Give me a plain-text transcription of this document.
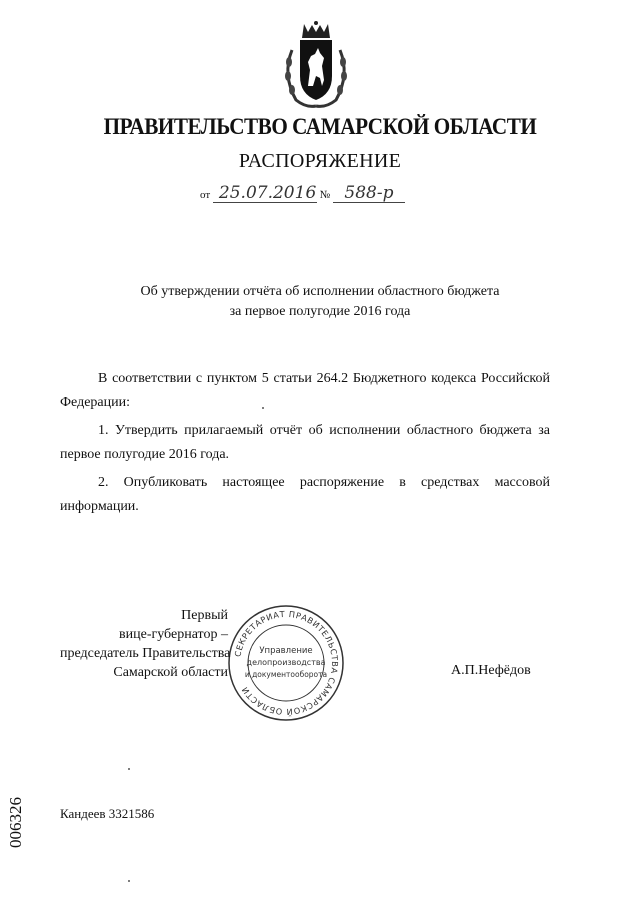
ПРАВИТЕЛЬСТВО САМАРСКОЙ ОБЛАСТИ
РАСПОРЯЖЕНИЕ
от 25.07.2016 № 588-р
Об утверждении отчёта об исполнении областного бюджета
за первое полугодие 2016 года

В соответствии с пунктом 5 статьи 264.2 Бюджетного кодекса Российской Федерации:

1. Утвердить прилагаемый отчёт об исполнении областного бюджета за первое полугодие 2016 года.

2. Опубликовать настоящее распоряжение в средствах массовой информации.

СЕКРЕТАРИАТ ПРАВИТЕЛЬСТВА САМАРСКОЙ ОБЛАСТИ
Управление
делопроизводства
и документооборота
Первый
вице-губернатор –
председатель Правительства
Самарской области	А.П.Нефёдов
006326	Кандеев 3321586
